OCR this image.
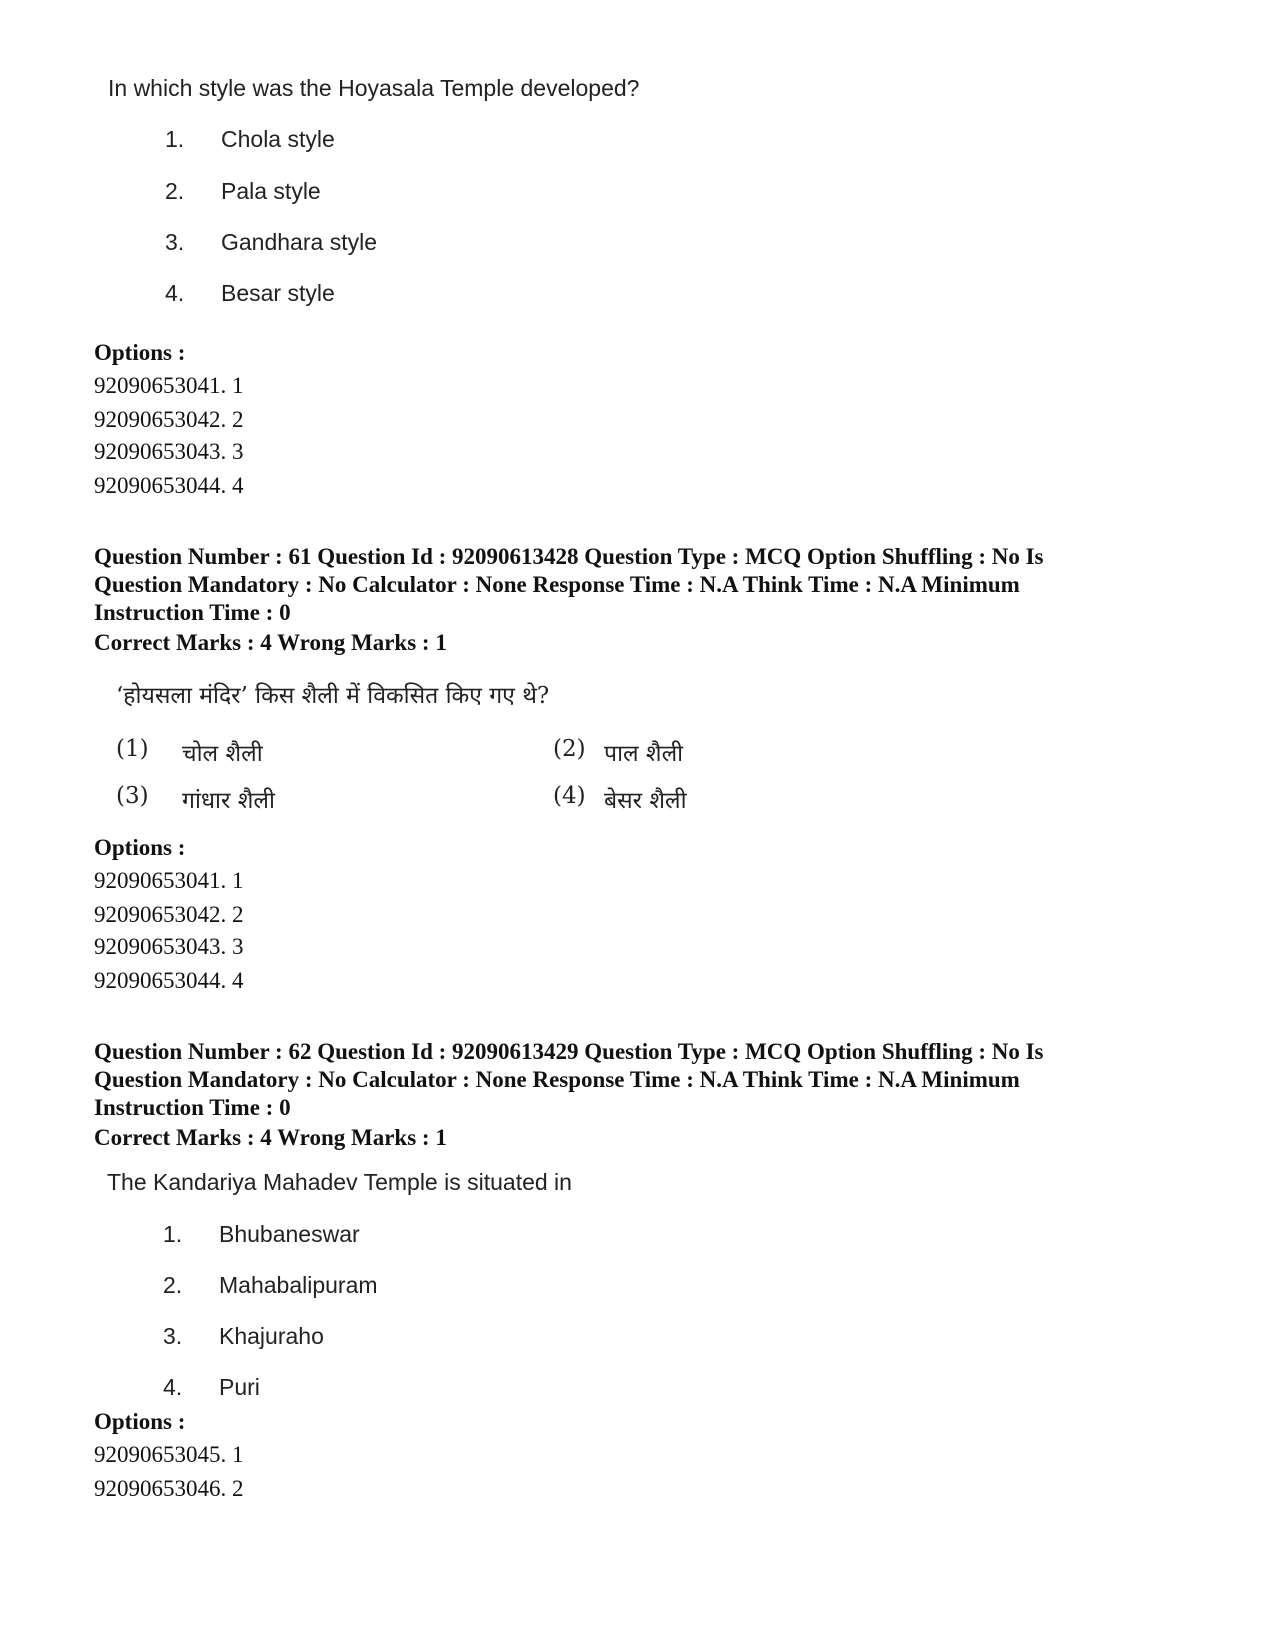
In which style was the Hoyasala Temple developed?
1. Chola style
2. Pala style
3. Gandhara style
4. Besar style
Options :
92090653041. 1
92090653042. 2
92090653043. 3
92090653044. 4
Question Number : 61 Question Id : 92090613428 Question Type : MCQ Option Shuffling : No Is
Question Mandatory : No Calculator : None Response Time : N.A Think Time : N.A Minimum
Instruction Time : 0
Correct Marks : 4 Wrong Marks : 1
‘होयसला मंदिर’ किस शैली में विकसित किए गए थे?
(1) चोल शैली	(2) पाल शैली
(3) गांधार शैली	(4) बेसर शैली
Options :
92090653041. 1
92090653042. 2
92090653043. 3
92090653044. 4
Question Number : 62 Question Id : 92090613429 Question Type : MCQ Option Shuffling : No Is
Question Mandatory : No Calculator : None Response Time : N.A Think Time : N.A Minimum
Instruction Time : 0
Correct Marks : 4 Wrong Marks : 1
The Kandariya Mahadev Temple is situated in
1. Bhubaneswar
2. Mahabalipuram
3. Khajuraho
4. Puri
Options :
92090653045. 1
92090653046. 2
